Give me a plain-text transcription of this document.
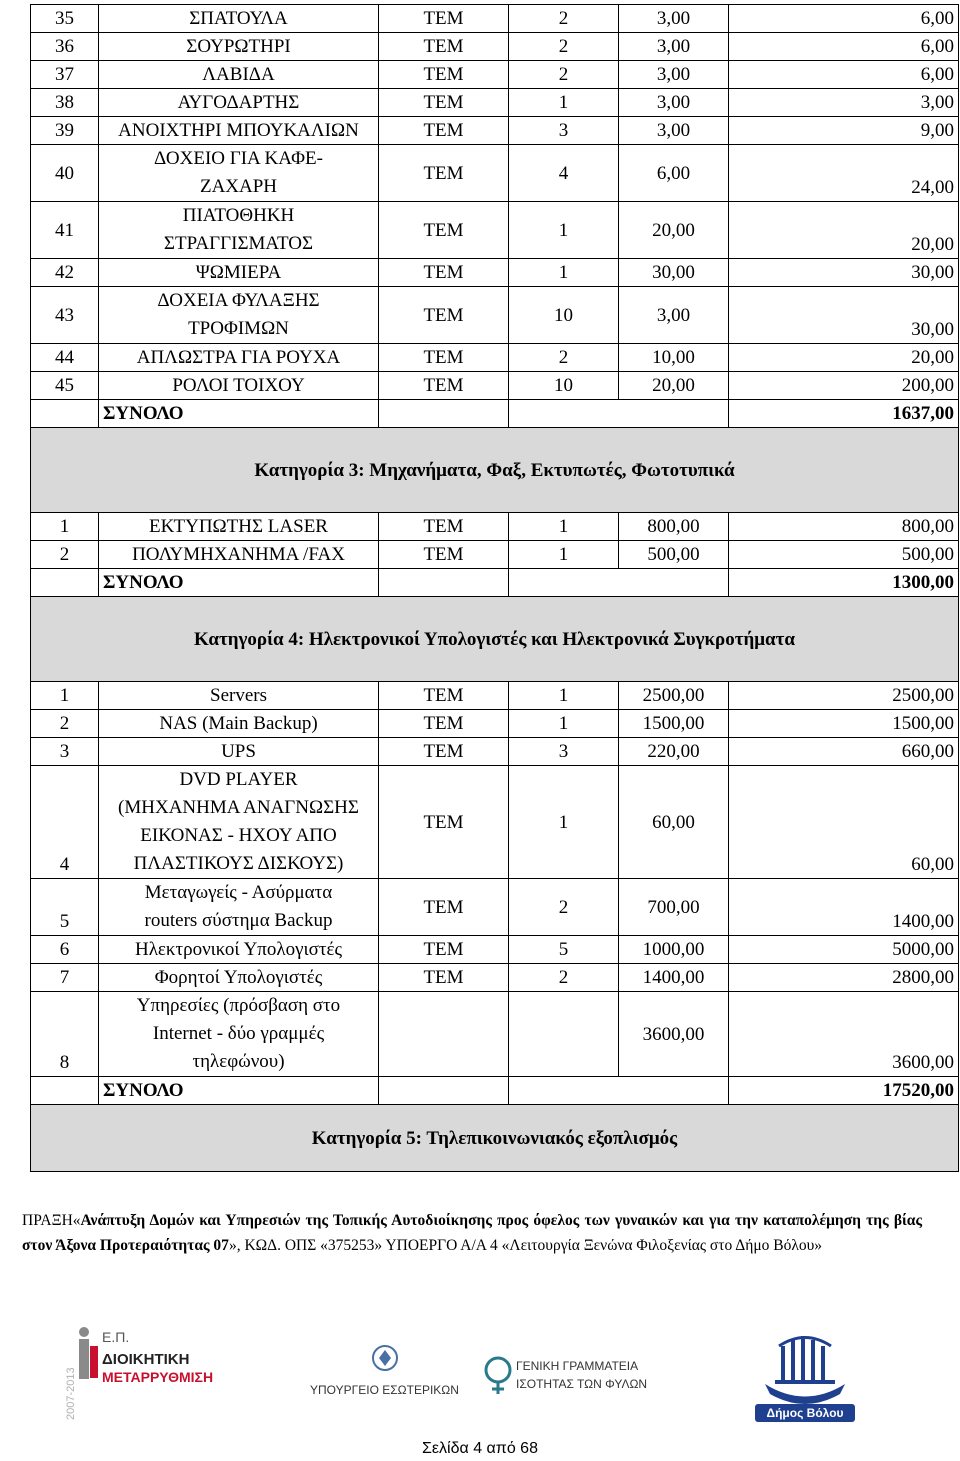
35	ΣΠΑΤΟΥΛΑ	ΤΕΜ	2	3,00	6,00
36	ΣΟΥΡΩΤΗΡΙ	ΤΕΜ	2	3,00	6,00
37	ΛΑΒΙΔΑ	ΤΕΜ	2	3,00	6,00
38	ΑΥΓΟΔΑΡΤΗΣ	ΤΕΜ	1	3,00	3,00
39	ΑΝΟΙΧΤΗΡΙ ΜΠΟΥΚΑΛΙΩΝ	ΤΕΜ	3	3,00	9,00
40	ΔΟΧΕΙΟ ΓΙΑ ΚΑΦΕ-
ΖΑΧΑΡΗ	ΤΕΜ	4	6,00	24,00
41	ΠΙΑΤΟΘΗΚΗ
ΣΤΡΑΓΓΙΣΜΑΤΟΣ	ΤΕΜ	1	20,00	20,00
42	ΨΩΜΙΕΡΑ	ΤΕΜ	1	30,00	30,00
43	ΔΟΧΕΙΑ ΦΥΛΑΞΗΣ
ΤΡΟΦΙΜΩΝ	ΤΕΜ	10	3,00	30,00
44	ΑΠΛΩΣΤΡΑ ΓΙΑ ΡΟΥΧΑ	ΤΕΜ	2	10,00	20,00
45	ΡΟΛΟΙ ΤΟΙΧΟΥ	ΤΕΜ	10	20,00	200,00
	ΣΥΝΟΛΟ				1637,00
Κατηγορία 3: Μηχανήματα, Φαξ, Εκτυπωτές, Φωτοτυπικά					
1	ΕΚΤΥΠΩΤΗΣ LASER	ΤΕΜ	1	800,00	800,00
2	ΠΟΛΥΜΗΧΑΝΗΜΑ /FAX	ΤΕΜ	1	500,00	500,00
	ΣΥΝΟΛΟ				1300,00
Κατηγορία 4: Ηλεκτρονικοί Υπολογιστές και Ηλεκτρονικά Συγκροτήματα					
1	Servers	ΤΕΜ	1	2500,00	2500,00
2	NAS (Main Backup)	ΤΕΜ	1	1500,00	1500,00
3	UPS	ΤΕΜ	3	220,00	660,00
4	DVD PLAYER
(ΜΗΧΑΝΗΜΑ ΑΝΑΓΝΩΣΗΣ
ΕΙΚΟΝΑΣ - ΗΧΟΥ ΑΠΟ
ΠΛΑΣΤΙΚΟΥΣ ΔΙΣΚΟΥΣ)	ΤΕΜ	1	60,00	60,00
5	Μεταγωγείς - Ασύρματα
routers σύστημα Backup	ΤΕΜ	2	700,00	1400,00
6	Ηλεκτρονικοί Υπολογιστές	ΤΕΜ	5	1000,00	5000,00
7	Φορητοί Υπολογιστές	ΤΕΜ	2	1400,00	2800,00
8	Υπηρεσίες (πρόσβαση στο
Internet - δύο γραμμές
τηλεφώνου)			3600,00	3600,00
	ΣΥΝΟΛΟ				17520,00
Κατηγορία 5: Τηλεπικοινωνιακός εξοπλισμός					
ΠΡΑΞΗ«Ανάπτυξη Δομών και Υπηρεσιών της Τοπικής Αυτοδιοίκησης προς όφελος των γυναικών και για την καταπολέμηση της βίας στον Άξονα Προτεραιότητας 07», ΚΩΔ. ΟΠΣ «375253» ΥΠΟΕΡΓΟ Α/Α 4 «Λειτουργία Ξενώνα Φιλοξενίας στο Δήμο Βόλου»
2007-2013
Ε.Π.
ΔΙΟΙΚΗΤΙΚΗ
ΜΕΤΑΡΡΥΘΜΙΣΗ
ΥΠΟΥΡΓΕΙΟ ΕΣΩΤΕΡΙΚΩΝ
ΓΕΝΙΚΗ ΓΡΑΜΜΑΤΕΙΑ
ΙΣΟΤΗΤΑΣ ΤΩΝ ΦΥΛΩΝ
Δήμος Βόλου
Σελίδα 4 από 68
